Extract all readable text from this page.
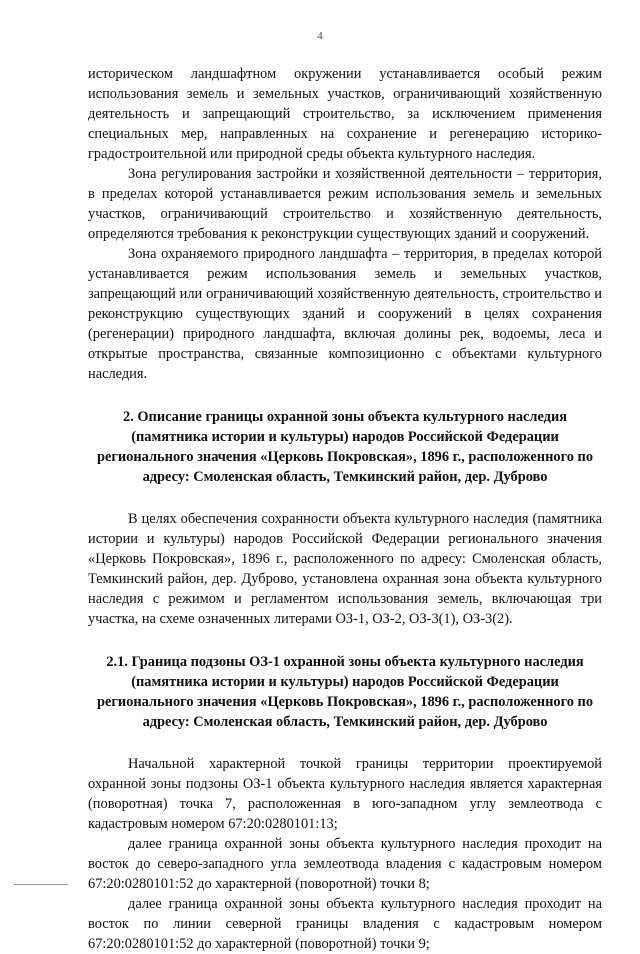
4

историческом ландшафтном окружении устанавливается особый режим использования земель и земельных участков, ограничивающий хозяйственную деятельность и запрещающий строительство, за исключением применения специальных мер, направленных на сохранение и регенерацию историко-градостроительной или природной среды объекта культурного наследия.

Зона регулирования застройки и хозяйственной деятельности – территория, в пределах которой устанавливается режим использования земель и земельных участков, ограничивающий строительство и хозяйственную деятельность, определяются требования к реконструкции существующих зданий и сооружений.

Зона охраняемого природного ландшафта – территория, в пределах которой устанавливается режим использования земель и земельных участков, запрещающий или ограничивающий хозяйственную деятельность, строительство и реконструкцию существующих зданий и сооружений в целях сохранения (регенерации) природного ландшафта, включая долины рек, водоемы, леса и открытые пространства, связанные композиционно с объектами культурного наследия.

2. Описание границы охранной зоны объекта культурного наследия (памятника истории и культуры) народов Российской Федерации регионального значения «Церковь Покровская», 1896 г., расположенного по адресу: Смоленская область, Темкинский район, дер. Дуброво

В целях обеспечения сохранности объекта культурного наследия (памятника истории и культуры) народов Российской Федерации регионального значения «Церковь Покровская», 1896 г., расположенного по адресу: Смоленская область, Темкинский район, дер. Дуброво, установлена охранная зона объекта культурного наследия с режимом и регламентом использования земель, включающая три участка, на схеме означенных литерами ОЗ-1, ОЗ-2, ОЗ-3(1), ОЗ-3(2).

2.1. Граница подзоны ОЗ-1 охранной зоны объекта культурного наследия (памятника истории и культуры) народов Российской Федерации регионального значения «Церковь Покровская», 1896 г., расположенного по адресу: Смоленская область, Темкинский район, дер. Дуброво

Начальной характерной точкой границы территории проектируемой охранной зоны подзоны ОЗ-1 объекта культурного наследия является характерная (поворотная) точка 7, расположенная в юго-западном углу землеотвода с кадастровым номером 67:20:0280101:13;

далее граница охранной зоны объекта культурного наследия проходит на восток до северо-западного угла землеотвода владения с кадастровым номером 67:20:0280101:52 до характерной (поворотной) точки 8;

далее граница охранной зоны объекта культурного наследия проходит на восток по линии северной границы владения с кадастровым номером 67:20:0280101:52 до характерной (поворотной) точки 9;
